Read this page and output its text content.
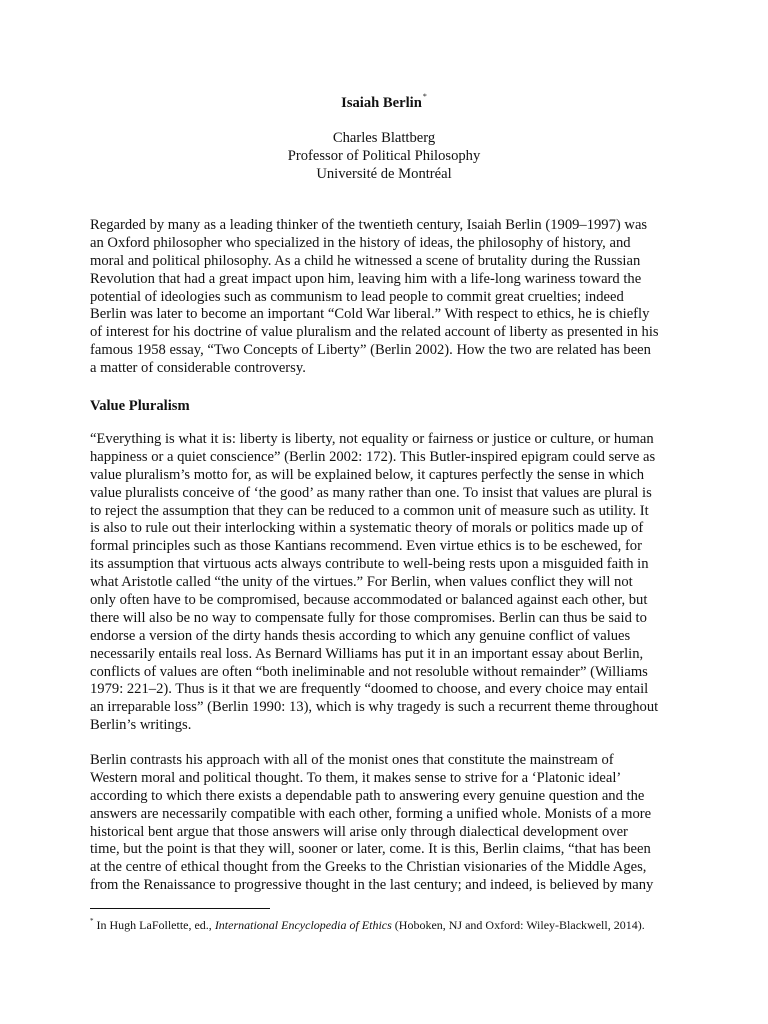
Isaiah Berlin*
Charles Blattberg
Professor of Political Philosophy
Université de Montréal
Regarded by many as a leading thinker of the twentieth century, Isaiah Berlin (1909–1997) was
an Oxford philosopher who specialized in the history of ideas, the philosophy of history, and
moral and political philosophy. As a child he witnessed a scene of brutality during the Russian
Revolution that had a great impact upon him, leaving him with a life-long wariness toward the
potential of ideologies such as communism to lead people to commit great cruelties; indeed
Berlin was later to become an important “Cold War liberal.” With respect to ethics, he is chiefly
of interest for his doctrine of value pluralism and the related account of liberty as presented in his
famous 1958 essay, “Two Concepts of Liberty” (Berlin 2002). How the two are related has been
a matter of considerable controversy.
Value Pluralism
“Everything is what it is: liberty is liberty, not equality or fairness or justice or culture, or human
happiness or a quiet conscience” (Berlin 2002: 172). This Butler-inspired epigram could serve as
value pluralism’s motto for, as will be explained below, it captures perfectly the sense in which
value pluralists conceive of ‘the good’ as many rather than one. To insist that values are plural is
to reject the assumption that they can be reduced to a common unit of measure such as utility. It
is also to rule out their interlocking within a systematic theory of morals or politics made up of
formal principles such as those Kantians recommend. Even virtue ethics is to be eschewed, for
its assumption that virtuous acts always contribute to well-being rests upon a misguided faith in
what Aristotle called “the unity of the virtues.” For Berlin, when values conflict they will not
only often have to be compromised, because accommodated or balanced against each other, but
there will also be no way to compensate fully for those compromises. Berlin can thus be said to
endorse a version of the dirty hands thesis according to which any genuine conflict of values
necessarily entails real loss. As Bernard Williams has put it in an important essay about Berlin,
conflicts of values are often “both ineliminable and not resoluble without remainder” (Williams
1979: 221–2). Thus is it that we are frequently “doomed to choose, and every choice may entail
an irreparable loss” (Berlin 1990: 13), which is why tragedy is such a recurrent theme throughout
Berlin’s writings.
Berlin contrasts his approach with all of the monist ones that constitute the mainstream of
Western moral and political thought. To them, it makes sense to strive for a ‘Platonic ideal’
according to which there exists a dependable path to answering every genuine question and the
answers are necessarily compatible with each other, forming a unified whole. Monists of a more
historical bent argue that those answers will arise only through dialectical development over
time, but the point is that they will, sooner or later, come. It is this, Berlin claims, “that has been
at the centre of ethical thought from the Greeks to the Christian visionaries of the Middle Ages,
from the Renaissance to progressive thought in the last century; and indeed, is believed by many
* In Hugh LaFollette, ed., International Encyclopedia of Ethics (Hoboken, NJ and Oxford: Wiley-Blackwell, 2014).
